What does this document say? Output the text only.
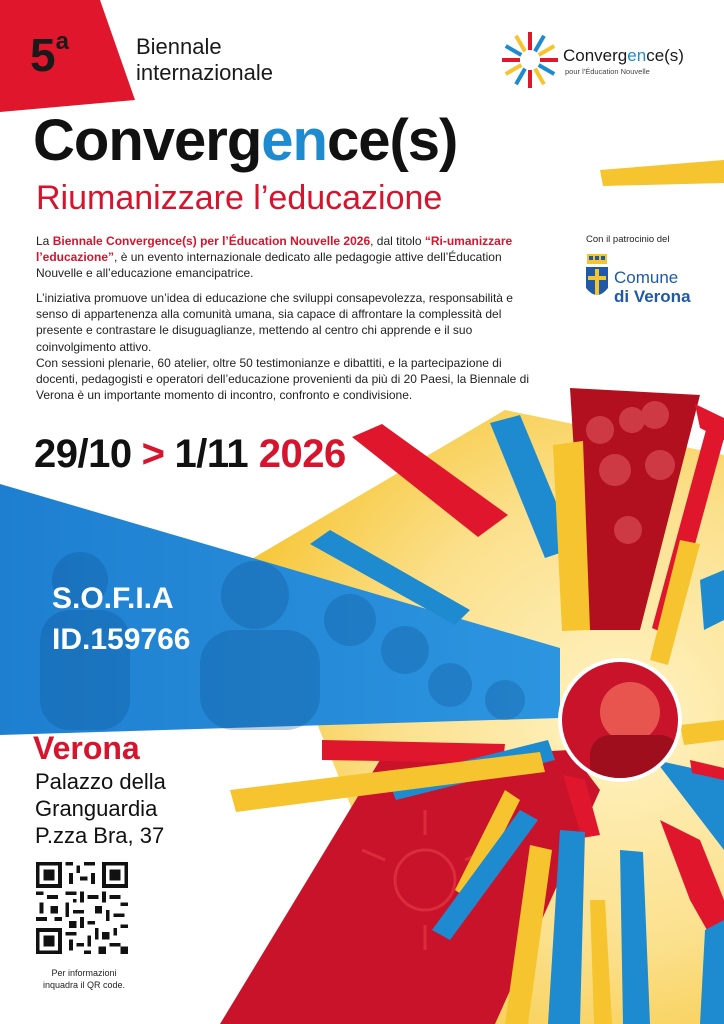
5$^a$	Biennale
internazionale
Convergence(s)
pour l'Éducation Nouvelle
Convergence(s)
Riumanizzare l’educazione
La Biennale Convergence(s) per l’Éducation Nouvelle 2026, dal titolo “Ri-umanizzare l’educazione”, è un evento internazionale dedicato alle pedagogie attive dell’Éducation Nouvelle e all’educazione emancipatrice.
L’iniziativa promuove un’idea di educazione che sviluppi consapevolezza, responsabilità e senso di appartenenza alla comunità umana, sia capace di affrontare la complessità del presente e contrastare le disuguaglianze, mettendo al centro chi apprende e il suo coinvolgimento attivo.
Con sessioni plenarie, 60 atelier, oltre 50 testimonianze e dibattiti, e la partecipazione di docenti, pedagogisti e operatori dell’educazione provenienti da più di 20 Paesi, la Biennale di Verona è un importante momento di incontro, confronto e condivisione.
Con il patrocinio del
Comune
di Verona
29/10 > 1/11 2026
S.O.F.I.A
ID.159766
Verona
Palazzo della
Granguardia
P.zza Bra, 37
Per informazioni inquadra il QR code.
